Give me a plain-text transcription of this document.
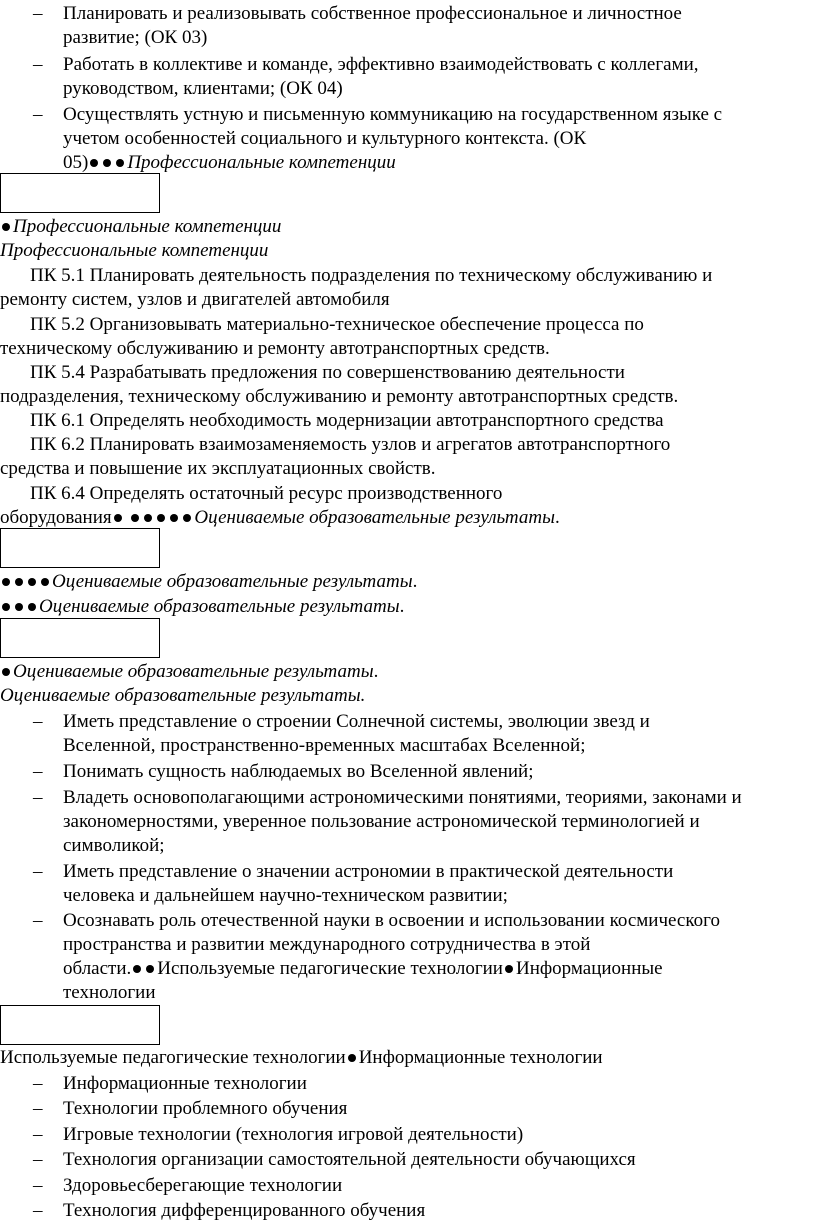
– Планировать и реализовывать собственное профессиональное и личностное
развитие; (ОК 03)
– Работать в коллективе и команде, эффективно взаимодействовать с коллегами,
руководством, клиентами; (ОК 04)
– Осуществлять устную и письменную коммуникацию на государственном языке с
учетом особенностей социального и культурного контекста. (ОК
05) Профессиональные компетенции
Профессиональные компетенции
Профессиональные компетенции
ПК 5.1 Планировать деятельность подразделения по техническому обслуживанию и
ремонту систем, узлов и двигателей автомобиля
ПК 5.2 Организовывать материально-техническое обеспечение процесса по
техническому обслуживанию и ремонту автотранспортных средств.
ПК 5.4 Разрабатывать предложения по совершенствованию деятельности
подразделения, техническому обслуживанию и ремонту автотранспортных средств.
ПК 6.1 Определять необходимость модернизации автотранспортного средства
ПК 6.2 Планировать взаимозаменяемость узлов и агрегатов автотранспортного
средства и повышение их эксплуатационных свойств.
ПК 6.4 Определять остаточный ресурс производственного
оборудования	Оцениваемые образовательные результаты.
Оцениваемые образовательные результаты.
Оцениваемые образовательные результаты.
Оцениваемые образовательные результаты.
Оцениваемые образовательные результаты.
– Иметь представление о строении Солнечной системы, эволюции звезд и
Вселенной, пространственно-временных масштабах Вселенной;
– Понимать сущность наблюдаемых во Вселенной явлений;
– Владеть основополагающими астрономическими понятиями, теориями, законами и
закономерностями, уверенное пользование астрономической терминологией и
символикой;
– Иметь представление о значении астрономии в практической деятельности
человека и дальнейшем научно-техническом развитии;
– Осознавать роль отечественной науки в освоении и использовании космического
пространства и развитии международного сотрудничества в этой
области. Используемые педагогические технологии Информационные
технологии
Используемые педагогические технологии Информационные технологии
– Информационные технологии
– Технологии проблемного обучения
– Игровые технологии (технология игровой деятельности)
– Технология организации самостоятельной деятельности обучающихся
– Здоровьесберегающие технологии
– Технология дифференцированного обучения
